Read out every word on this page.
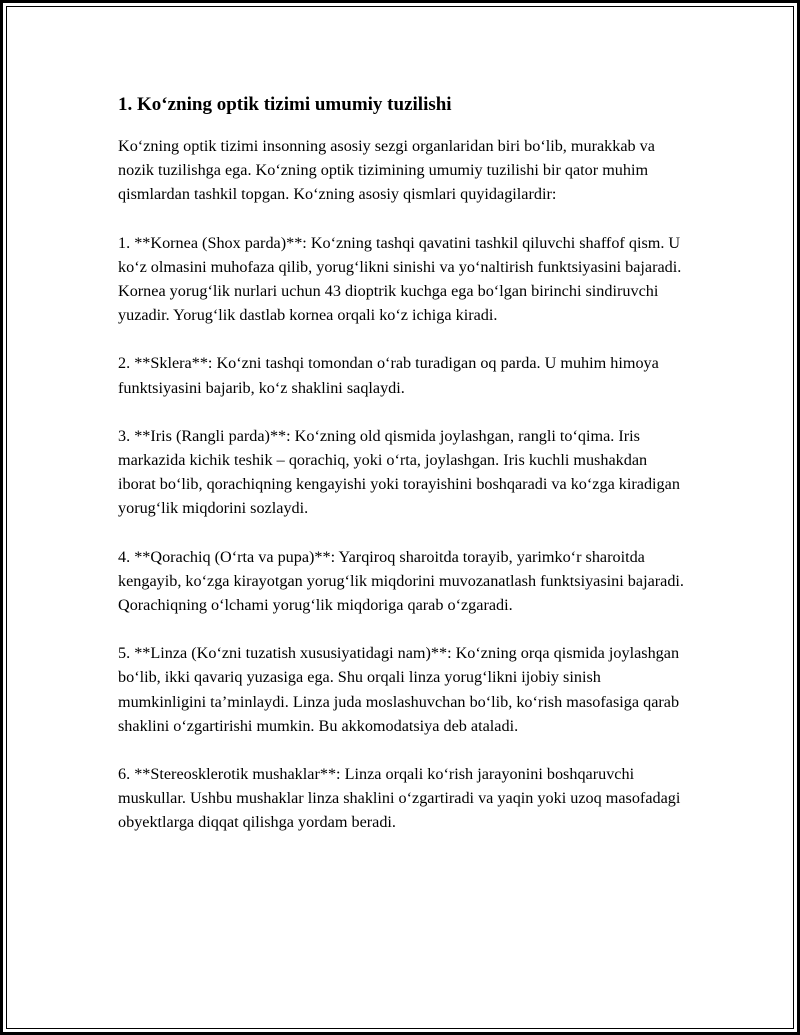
1. Koʻzning optik tizimi umumiy tuzilishi

Koʻzning optik tizimi insonning asosiy sezgi organlaridan biri boʻlib, murakkab va nozik tuzilishga ega. Koʻzning optik tizimining umumiy tuzilishi bir qator muhim qismlardan tashkil topgan. Koʻzning asosiy qismlari quyidagilardir:

1. **Kornea (Shox parda)**: Koʻzning tashqi qavatini tashkil qiluvchi shaffof qism. U koʻz olmasini muhofaza qilib, yorugʻlikni sinishi va yoʻnaltirish funktsiyasini bajaradi. Kornea yorugʻlik nurlari uchun 43 dioptrik kuchga ega boʻlgan birinchi sindiruvchi yuzadir. Yorugʻlik dastlab kornea orqali koʻz ichiga kiradi.

2. **Sklera**: Koʻzni tashqi tomondan oʻrab turadigan oq parda. U muhim himoya funktsiyasini bajarib, koʻz shaklini saqlaydi.

3. **Iris (Rangli parda)**: Koʻzning old qismida joylashgan, rangli toʻqima. Iris markazida kichik teshik – qorachiq, yoki oʻrta, joylashgan. Iris kuchli mushakdan iborat boʻlib, qorachiqning kengayishi yoki torayishini boshqaradi va koʻzga kiradigan yorugʻlik miqdorini sozlaydi.

4. **Qorachiq (Oʻrta va pupa)**: Yarqiroq sharoitda torayib, yarimkoʻr sharoitda kengayib, koʻzga kirayotgan yorugʻlik miqdorini muvozanatlash funktsiyasini bajaradi. Qorachiqning oʻlchami yorugʻlik miqdoriga qarab oʻzgaradi.

5. **Linza (Koʻzni tuzatish xususiyatidagi nam)**: Koʻzning orqa qismida joylashgan boʻlib, ikki qavariq yuzasiga ega. Shu orqali linza yorugʻlikni ijobiy sinish mumkinligini taʼminlaydi. Linza juda moslashuvchan boʻlib, koʻrish masofasiga qarab shaklini oʻzgartirishi mumkin. Bu akkomodatsiya deb ataladi.

6. **Stereosklerotik mushaklar**: Linza orqali koʻrish jarayonini boshqaruvchi muskullar. Ushbu mushaklar linza shaklini oʻzgartiradi va yaqin yoki uzoq masofadagi obyektlarga diqqat qilishga yordam beradi.
